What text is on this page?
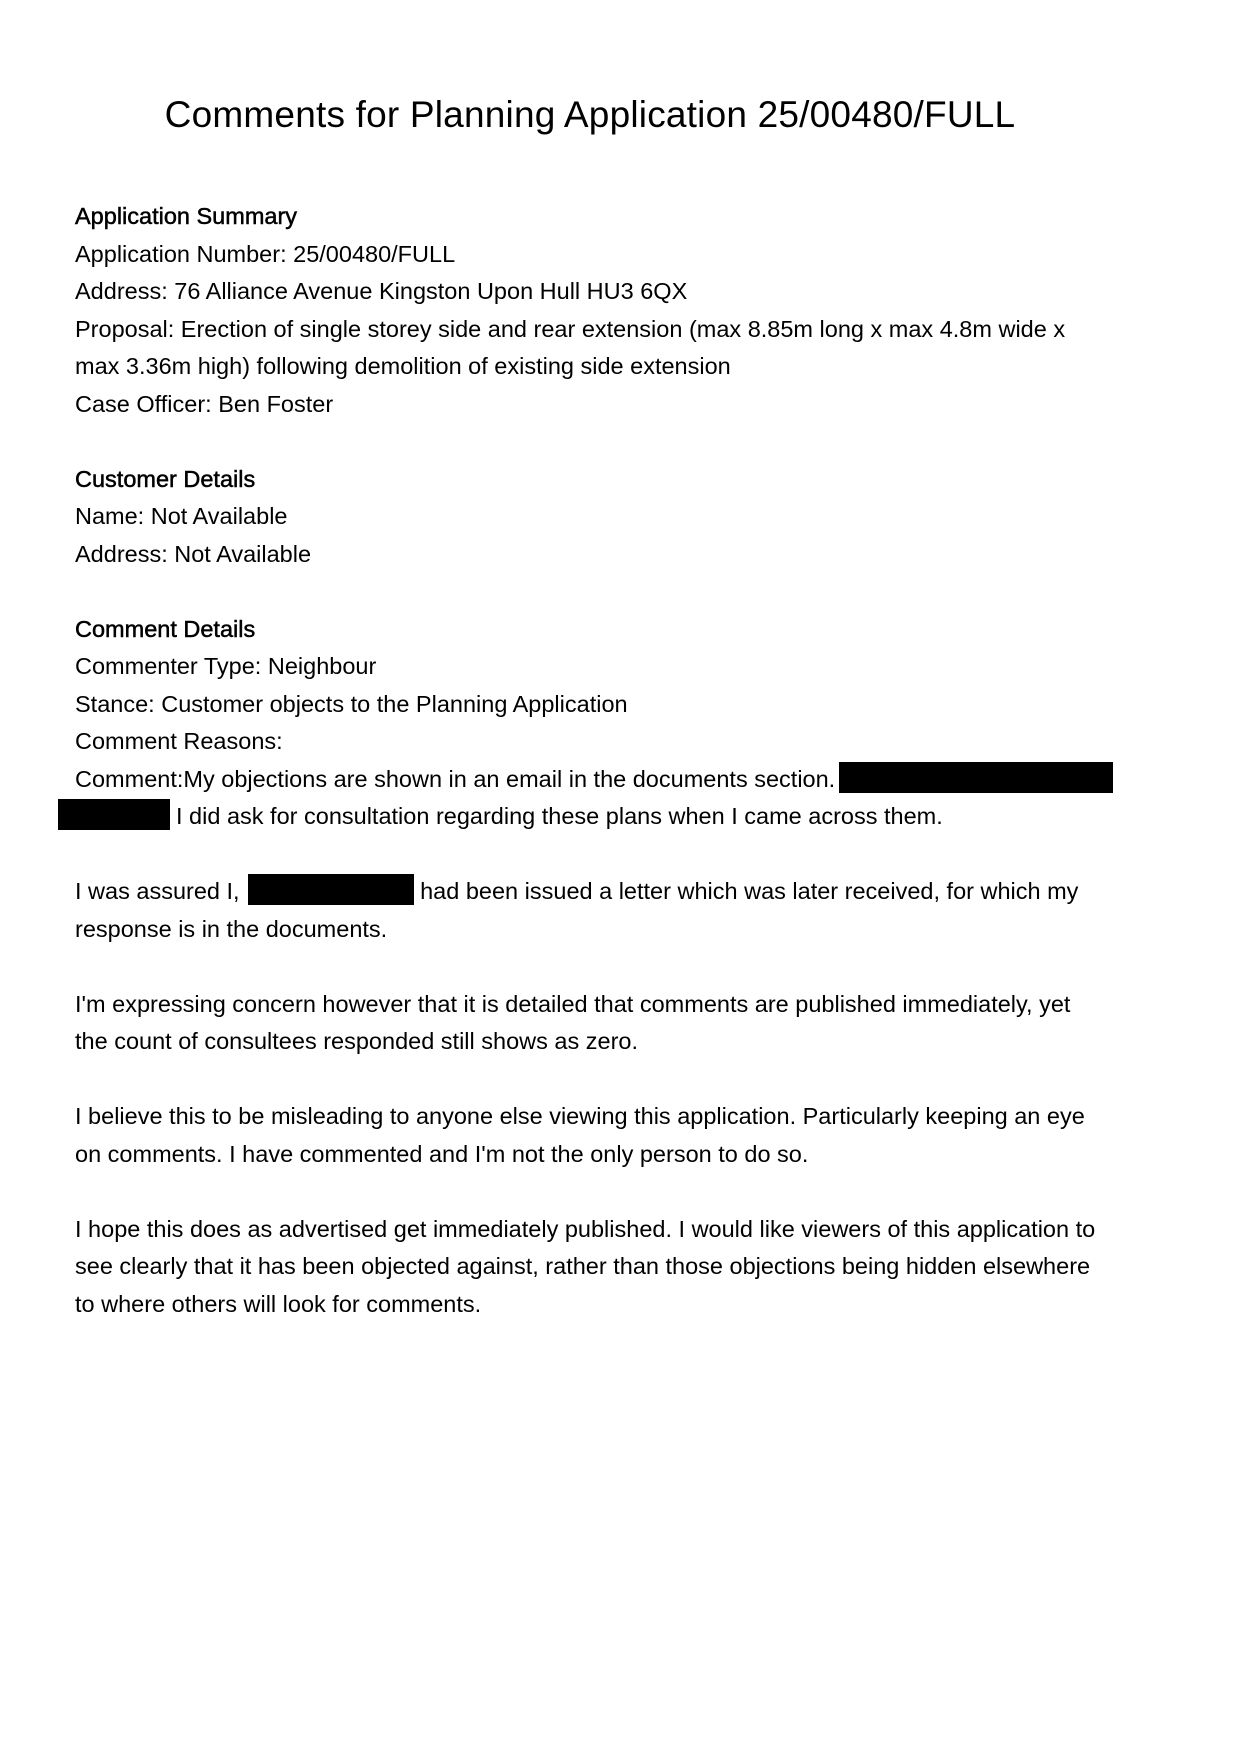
Comments for Planning Application 25/00480/FULL
Application Summary

Application Number: 25/00480/FULL

Address: 76 Alliance Avenue Kingston Upon Hull HU3 6QX

Proposal: Erection of single storey side and rear extension (max 8.85m long x max 4.8m wide x

max 3.36m high) following demolition of existing side extension

Case Officer: Ben Foster

Customer Details

Name: Not Available

Address: Not Available

Comment Details

Commenter Type: Neighbour

Stance: Customer objects to the Planning Application

Comment Reasons:

Comment:My objections are shown in an email in the documents section.

I did ask for consultation regarding these plans when I came across them.

I was assured I,	had been issued a letter which was later received, for which my

response is in the documents.

I'm expressing concern however that it is detailed that comments are published immediately, yet

the count of consultees responded still shows as zero.

I believe this to be misleading to anyone else viewing this application. Particularly keeping an eye

on comments. I have commented and I'm not the only person to do so.

I hope this does as advertised get immediately published. I would like viewers of this application to

see clearly that it has been objected against, rather than those objections being hidden elsewhere

to where others will look for comments.
